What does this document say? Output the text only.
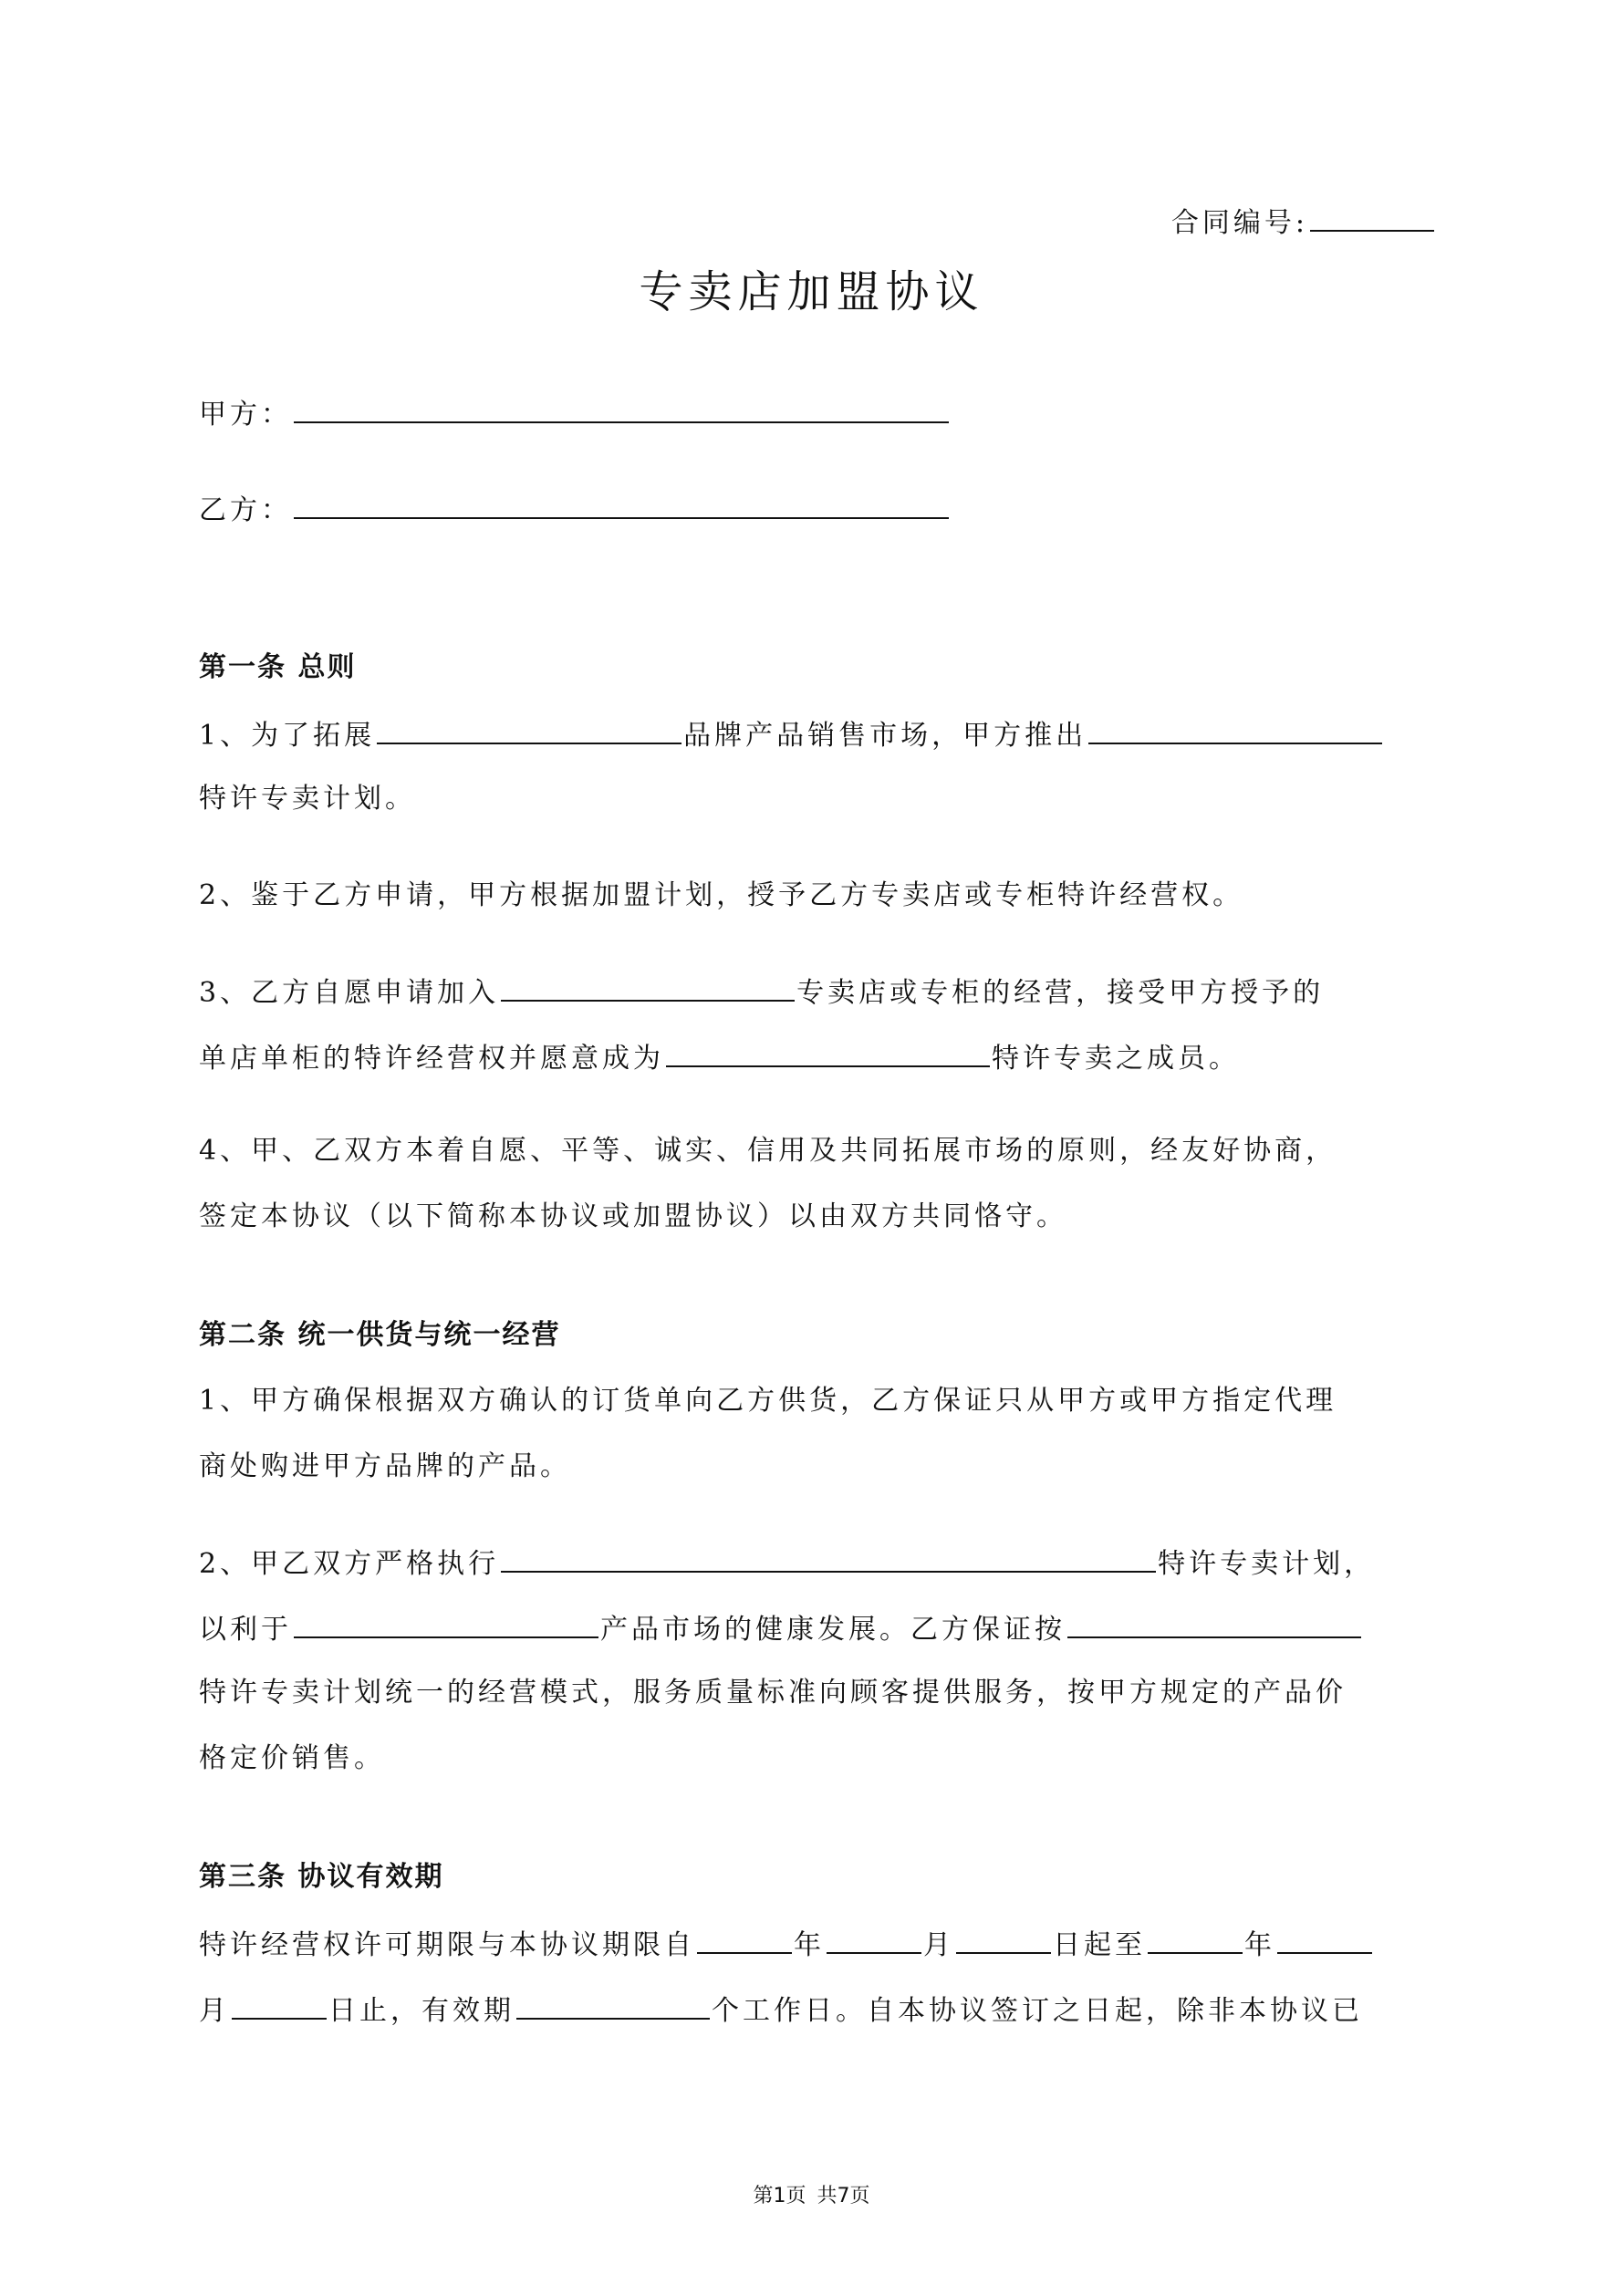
合同编号:
专卖店加盟协议
甲方：
乙方：
第一条 总则
1、为了拓展	品牌产品销售市场，甲方推出
特许专卖计划。
2、鉴于乙方申请，甲方根据加盟计划，授予乙方专卖店或专柜特许经营权。
3、乙方自愿申请加入	专卖店或专柜的经营，接受甲方授予的
单店单柜的特许经营权并愿意成为	特许专卖之成员。
4、甲、乙双方本着自愿、平等、诚实、信用及共同拓展市场的原则，经友好协商，
签定本协议（以下简称本协议或加盟协议）以由双方共同恪守。
第二条 统一供货与统一经营
1、甲方确保根据双方确认的订货单向乙方供货，乙方保证只从甲方或甲方指定代理
商处购进甲方品牌的产品。
2、甲乙双方严格执行	特许专卖计划，
以利于	产品市场的健康发展。乙方保证按
特许专卖计划统一的经营模式，服务质量标准向顾客提供服务，按甲方规定的产品价
格定价销售。
第三条 协议有效期
特许经营权许可期限与本协议期限自	年	月	日起至	年
月	日止，有效期	个工作日。自本协议签订之日起，除非本协议已
第1页 共7页
